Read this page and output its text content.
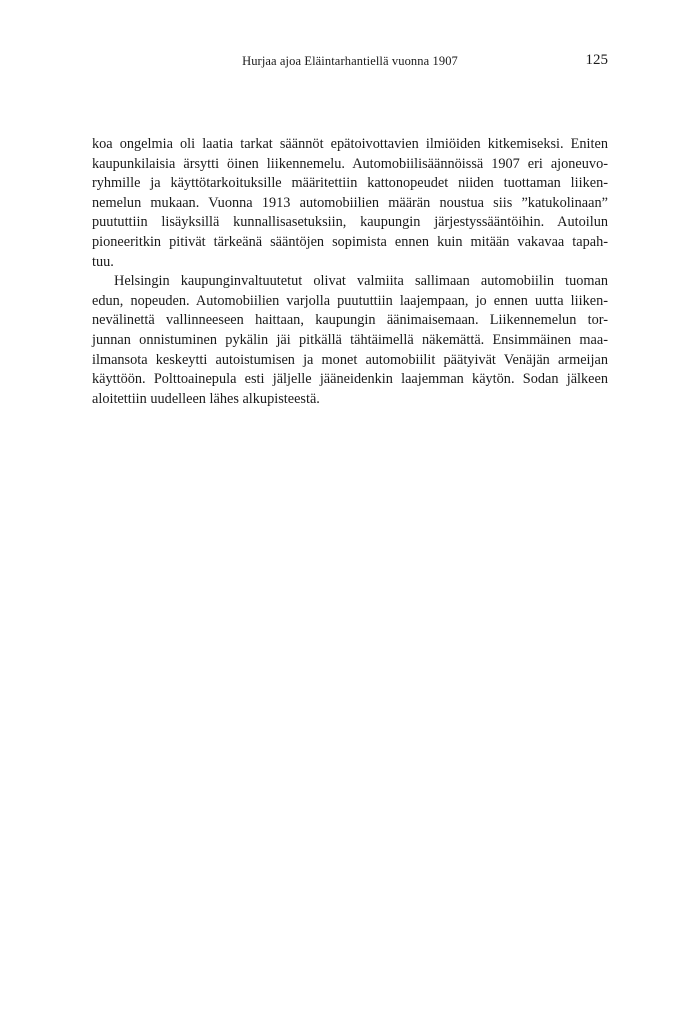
Hurjaa ajoa Eläintarhantiellä vuonna 1907	125
koa ongelmia oli laatia tarkat säännöt epätoivottavien ilmiöiden kitkemiseksi. Eniten
kaupunkilaisia ärsytti öinen liikennemelu. Automobiilisäännöissä 1907 eri ajoneuvo-
ryhmille ja käyttötarkoituksille määritettiin kattonopeudet niiden tuottaman liiken-
nemelun mukaan. Vuonna 1913 automobiilien määrän noustua siis ”katukolinaan”
puututtiin lisäyksillä kunnallisasetuksiin, kaupungin järjestyssääntöihin. Autoilun
pioneeritkin pitivät tärkeänä sääntöjen sopimista ennen kuin mitään vakavaa tapah-
tuu.
Helsingin kaupunginvaltuutetut olivat valmiita sallimaan automobiilin tuoman
edun, nopeuden. Automobiilien varjolla puututtiin laajempaan, jo ennen uutta liiken-
nevälinettä vallinneeseen haittaan, kaupungin äänimaisemaan. Liikennemelun tor-
junnan onnistuminen pykälin jäi pitkällä tähtäimellä näkemättä. Ensimmäinen maa-
ilmansota keskeytti autoistumisen ja monet automobiilit päätyivät Venäjän armeijan
käyttöön. Polttoainepula esti jäljelle jääneidenkin laajemman käytön. Sodan jälkeen
aloitettiin uudelleen lähes alkupisteestä.
